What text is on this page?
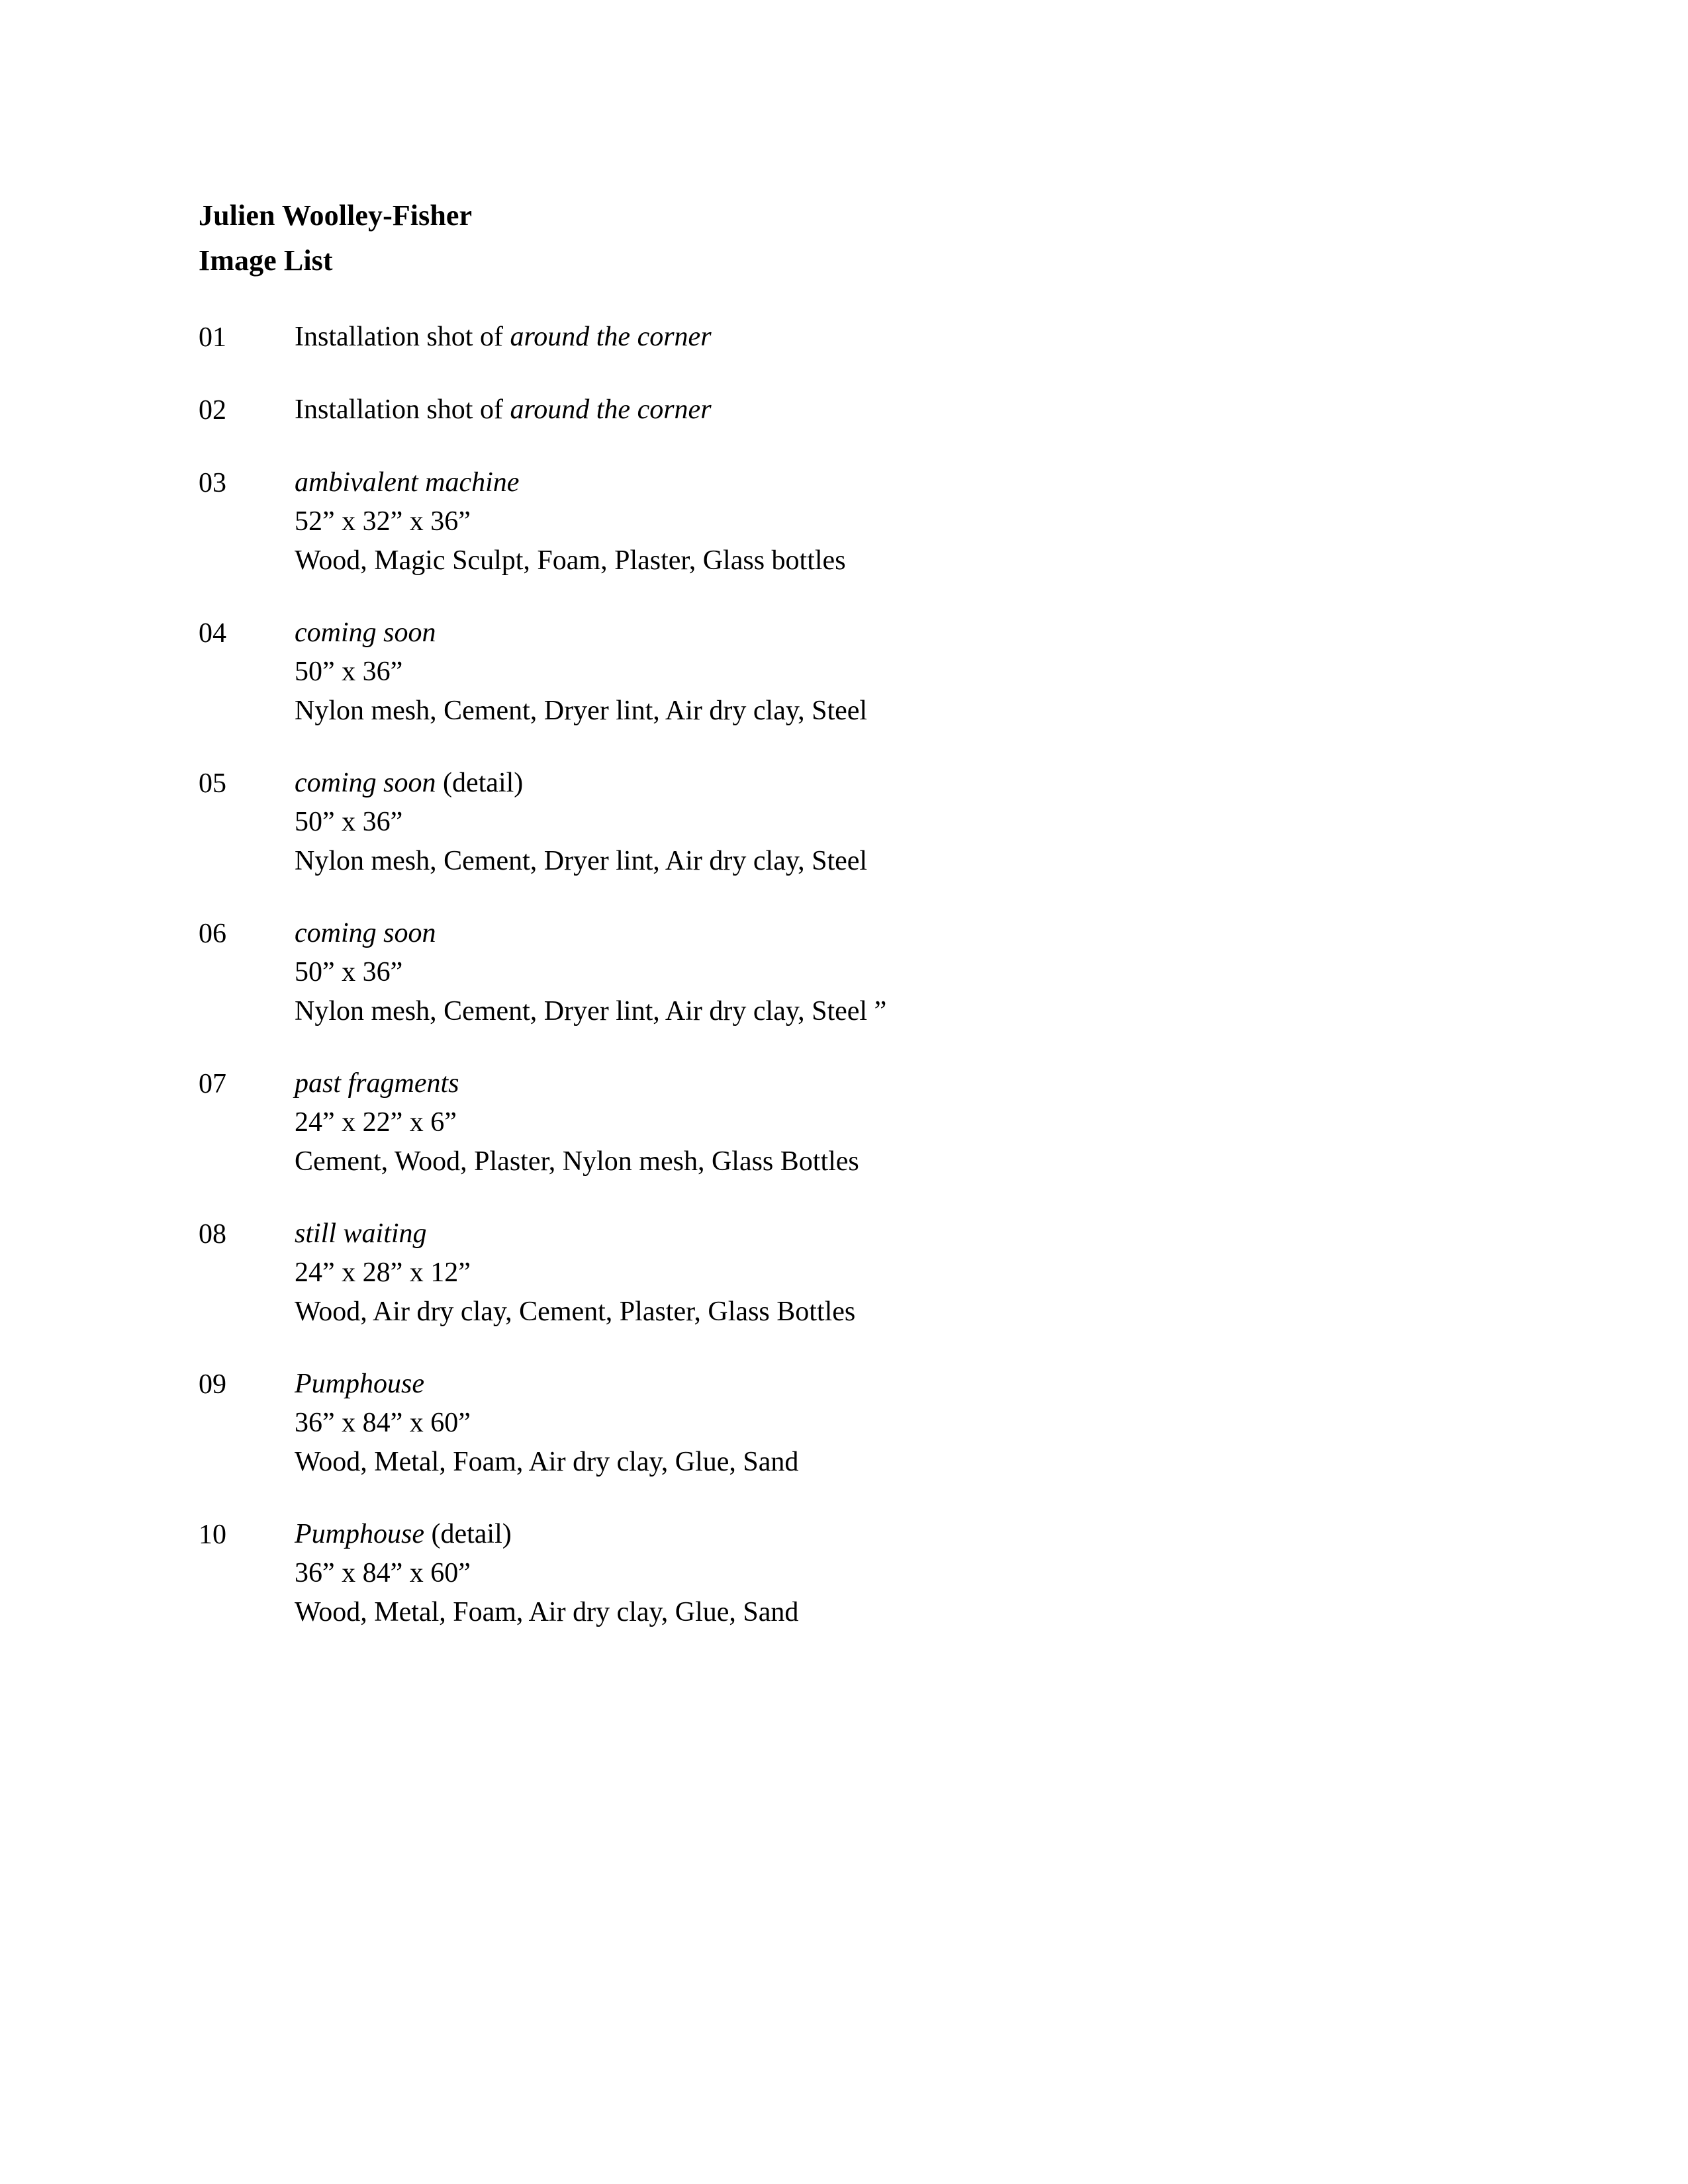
Julien Woolley-Fisher
Image List
01	Installation shot of around the corner
02	Installation shot of around the corner
03	ambivalent machine
52” x 32” x 36”
Wood, Magic Sculpt, Foam, Plaster, Glass bottles
04	coming soon
50” x 36”
Nylon mesh, Cement, Dryer lint, Air dry clay, Steel
05	coming soon (detail)
50” x 36”
Nylon mesh, Cement, Dryer lint, Air dry clay, Steel
06	coming soon
50” x 36”
Nylon mesh, Cement, Dryer lint, Air dry clay, Steel ”
07	past fragments
24” x 22” x 6”
Cement, Wood, Plaster, Nylon mesh, Glass Bottles
08	still waiting
24” x 28” x 12”
Wood, Air dry clay, Cement, Plaster, Glass Bottles
09	Pumphouse
36” x 84” x 60”
Wood, Metal, Foam, Air dry clay, Glue, Sand
10	Pumphouse (detail)
36” x 84” x 60”
Wood, Metal, Foam, Air dry clay, Glue, Sand
